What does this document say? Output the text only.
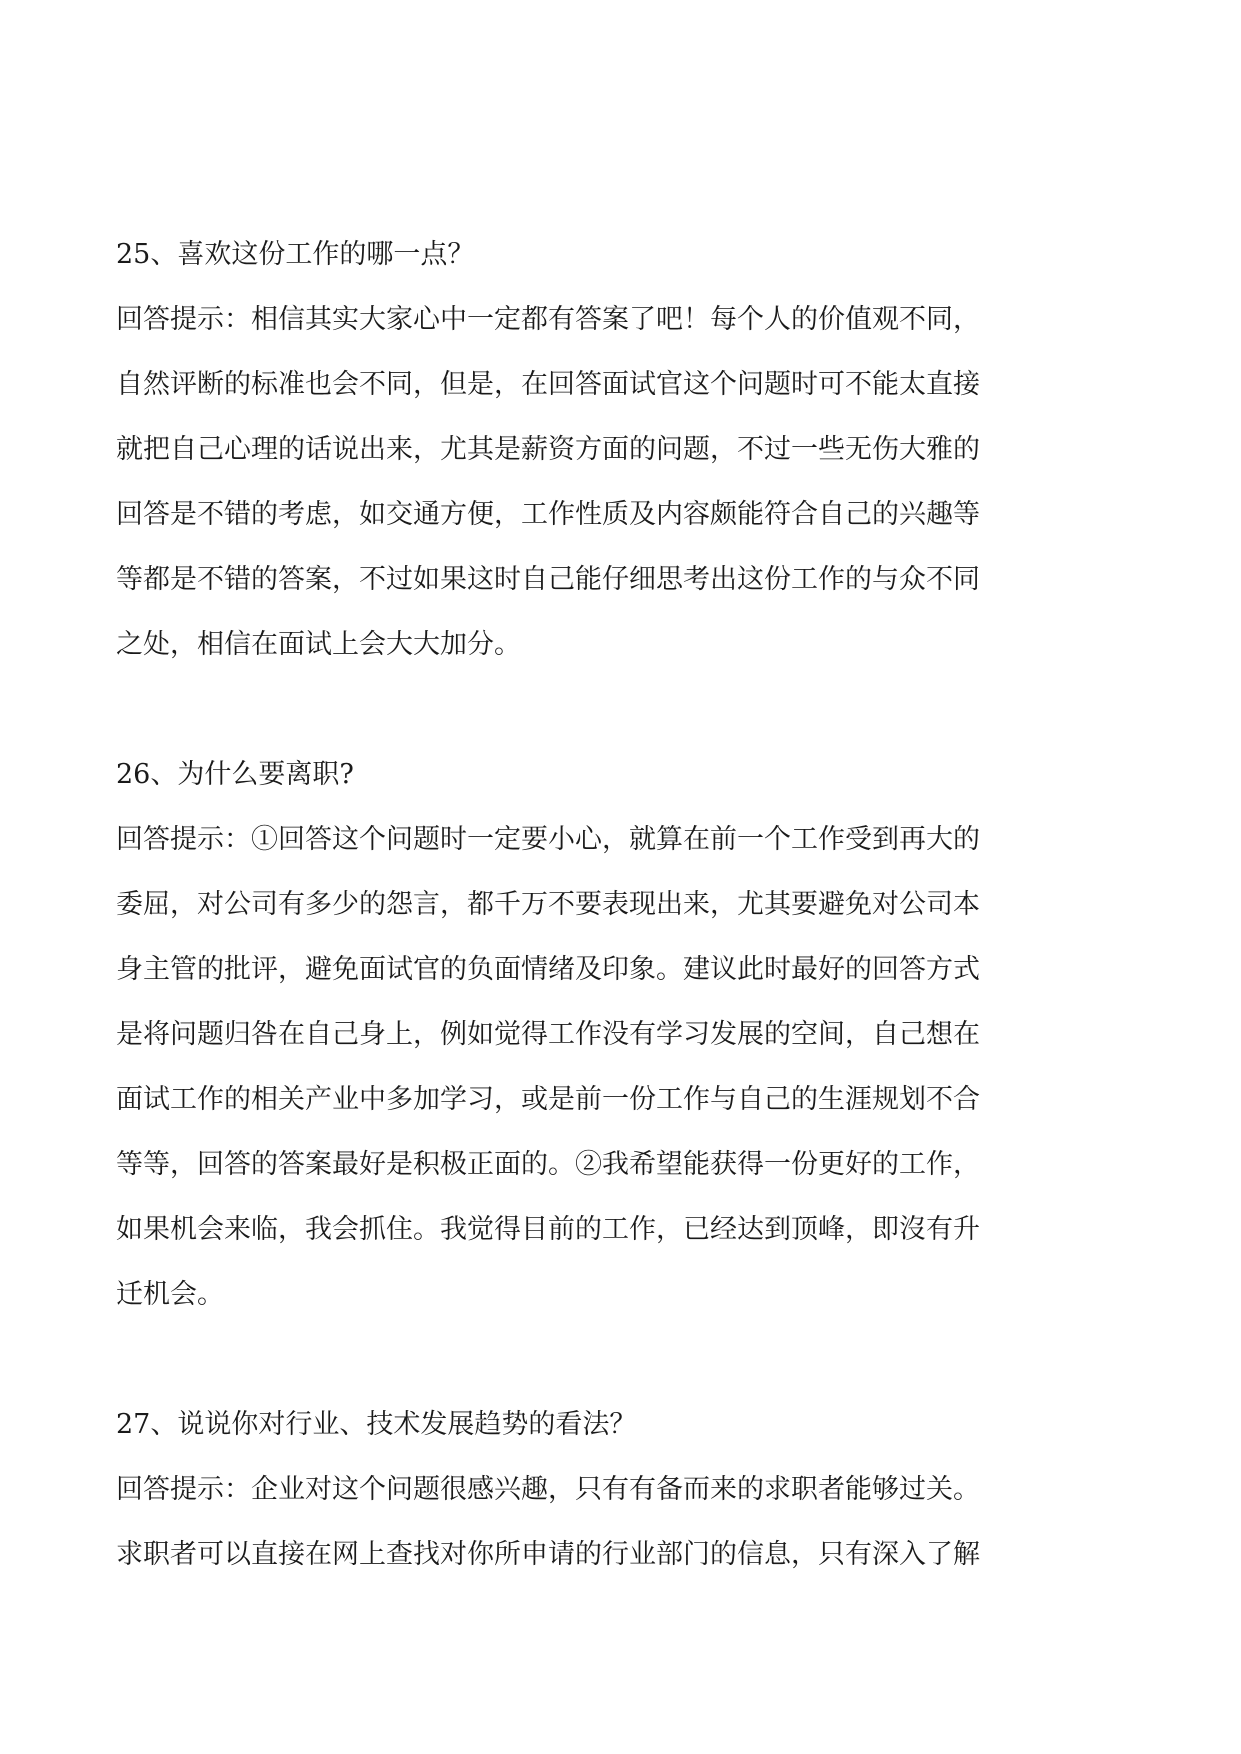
25、喜欢这份工作的哪一点？

回答提示：相信其实大家心中一定都有答案了吧！每个人的价值观不同，

自然评断的标准也会不同，但是，在回答面试官这个问题时可不能太直接

就把自己心理的话说出来，尤其是薪资方面的问题，不过一些无伤大雅的

回答是不错的考虑，如交通方便，工作性质及内容颇能符合自己的兴趣等

等都是不错的答案，不过如果这时自己能仔细思考出这份工作的与众不同

之处，相信在面试上会大大加分。

26、为什么要离职?

回答提示：①回答这个问题时一定要小心，就算在前一个工作受到再大的

委屈，对公司有多少的怨言，都千万不要表现出来，尤其要避免对公司本

身主管的批评，避免面试官的负面情绪及印象。建议此时最好的回答方式

是将问题归咎在自己身上，例如觉得工作没有学习发展的空间，自己想在

面试工作的相关产业中多加学习，或是前一份工作与自己的生涯规划不合

等等，回答的答案最好是积极正面的。②我希望能获得一份更好的工作，

如果机会来临，我会抓住。我觉得目前的工作，已经达到顶峰，即沒有升

迁机会。

27、说说你对行业、技术发展趋势的看法？

回答提示：企业对这个问题很感兴趣，只有有备而来的求职者能够过关。

求职者可以直接在网上查找对你所申请的行业部门的信息，只有深入了解
